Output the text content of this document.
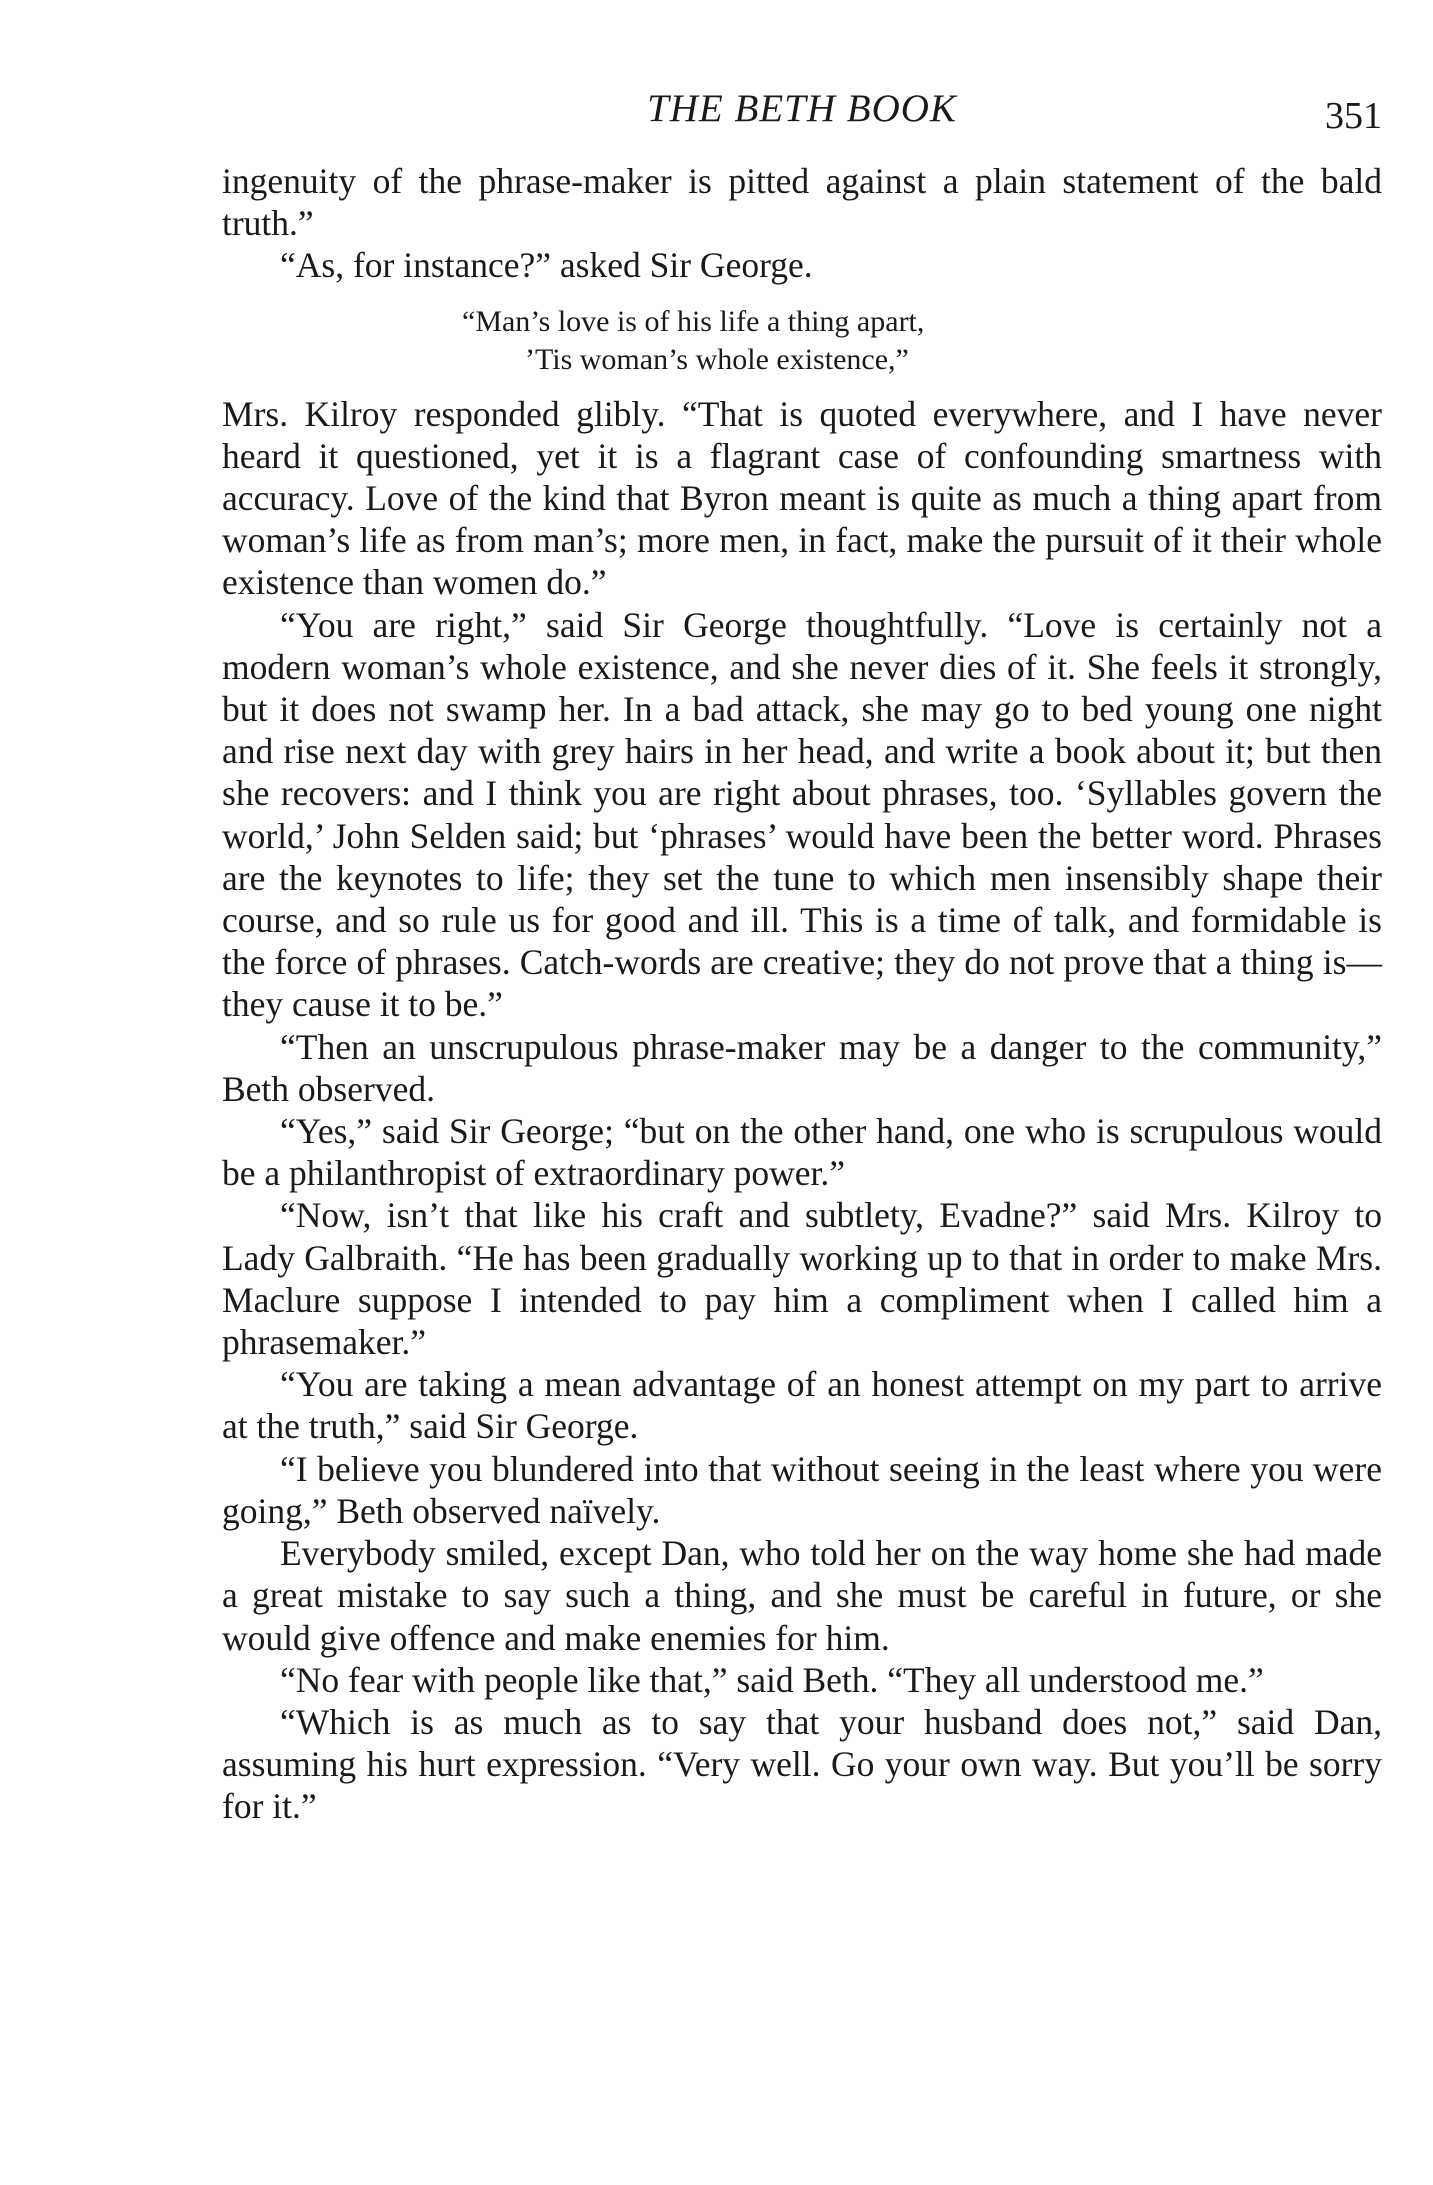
THE BETH BOOK	351

ingenuity of the phrase-maker is pitted against a plain statement of the bald truth.”

“As, for instance?” asked Sir George.

“Man’s love is of his life a thing apart,
’Tis woman’s whole existence,”

Mrs. Kilroy responded glibly. “That is quoted everywhere, and I have never heard it questioned, yet it is a flagrant case of confounding smartness with accuracy. Love of the kind that Byron meant is quite as much a thing apart from woman’s life as from man’s; more men, in fact, make the pursuit of it their whole existence than women do.”

“You are right,” said Sir George thoughtfully. “Love is certainly not a modern woman’s whole existence, and she never dies of it. She feels it strongly, but it does not swamp her. In a bad attack, she may go to bed young one night and rise next day with grey hairs in her head, and write a book about it; but then she recovers: and I think you are right about phrases, too. ‘Syllables govern the world,’ John Selden said; but ‘phrases’ would have been the better word. Phrases are the keynotes to life; they set the tune to which men insensibly shape their course, and so rule us for good and ill. This is a time of talk, and formidable is the force of phrases. Catch-words are creative; they do not prove that a thing is—they cause it to be.”

“Then an unscrupulous phrase-maker may be a danger to the community,” Beth observed.

“Yes,” said Sir George; “but on the other hand, one who is scrupulous would be a philanthropist of extraordinary power.”

“Now, isn’t that like his craft and subtlety, Evadne?” said Mrs. Kilroy to Lady Galbraith. “He has been gradually working up to that in order to make Mrs. Maclure suppose I intended to pay him a compliment when I called him a phrasemaker.”

“You are taking a mean advantage of an honest attempt on my part to arrive at the truth,” said Sir George.

“I believe you blundered into that without seeing in the least where you were going,” Beth observed naïvely.

Everybody smiled, except Dan, who told her on the way home she had made a great mistake to say such a thing, and she must be careful in future, or she would give offence and make enemies for him.

“No fear with people like that,” said Beth. “They all understood me.”

“Which is as much as to say that your husband does not,” said Dan, assuming his hurt expression. “Very well. Go your own way. But you’ll be sorry for it.”
